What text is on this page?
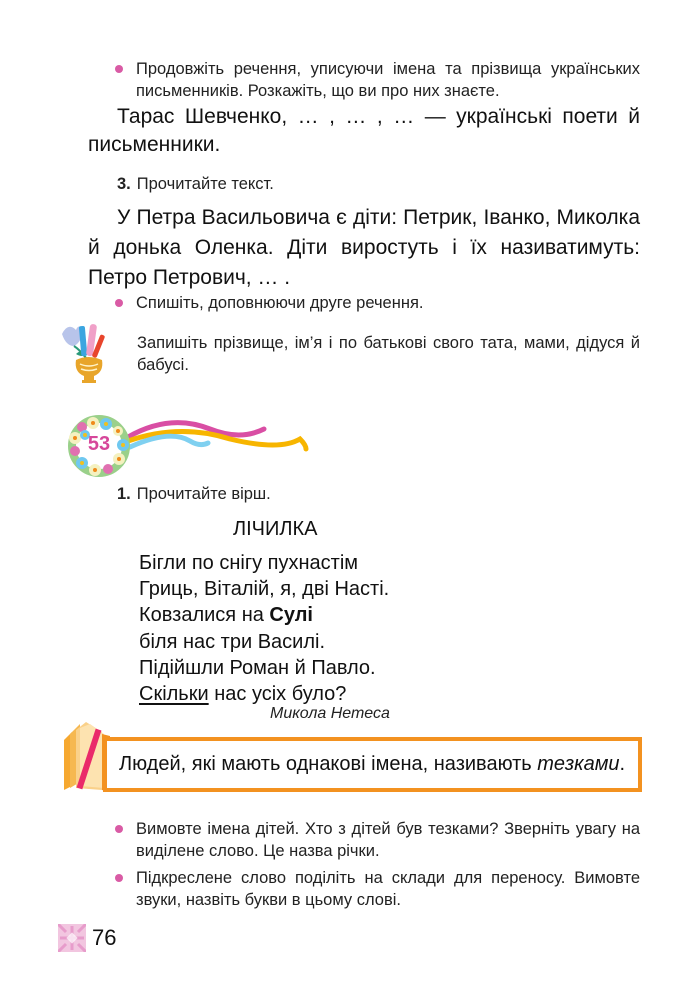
Продовжіть речення, уписуючи імена та прізвища українських письменників. Розкажіть, що ви про них знаєте.
Тарас Шевченко, … , … , … — українські поети й письменники.
3. Прочитайте текст.
У Петра Васильовича є діти: Петрик, Іванко, Миколка й донька Оленка. Діти виростуть і їх називатимуть: Петро Петрович, … .
Спишіть, доповнюючи друге речення.
Запишіть прізвище, ім’я і по батькові свого тата, мами, дідуся й бабусі.
53
1. Прочитайте вірш.
ЛІЧИЛКА
Бігли по снігу пухнастім
Гриць, Віталій, я, дві Насті.
Ковзалися на Сулі
біля нас три Василі.
Підійшли Роман й Павло.
Скільки нас усіх було?
Микола Нетеса
Людей, які мають однакові імена, називають тезками.
Вимовте імена дітей. Хто з дітей був тезками? Зверніть увагу на виділене слово. Це назва річки.
Підкреслене слово поділіть на склади для переносу. Вимовте звуки, назвіть букви в цьому слові.
76
